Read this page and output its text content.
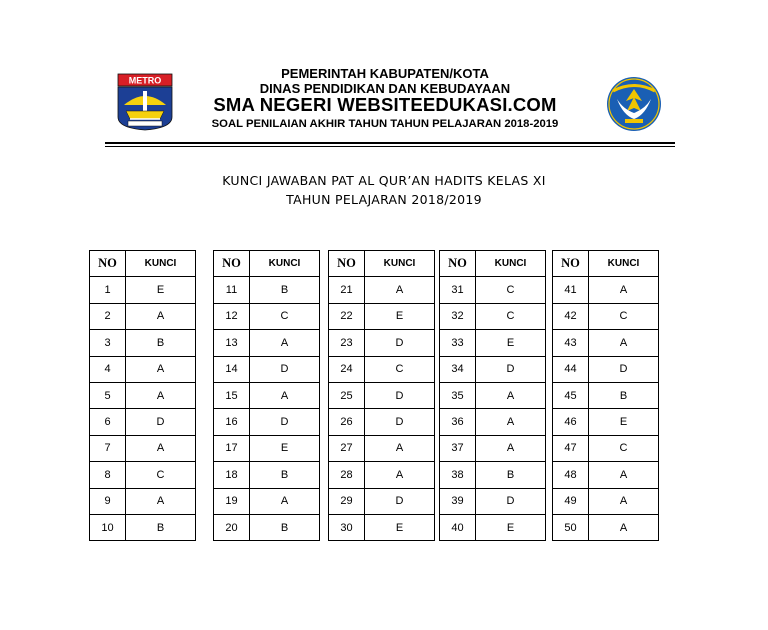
METRO	PEMERINTAH KABUPATEN/KOTA
DINAS PENDIDIKAN DAN KEBUDAYAAN
SMA NEGERI WEBSITEEDUKASI.COM
SOAL PENILAIAN AKHIR TAHUN TAHUN PELAJARAN 2018-2019
KUNCI JAWABAN PAT AL QUR’AN HADITS KELAS XI
TAHUN PELAJARAN 2018/2019
NO	KUNCI
1	E
2	A
3	B
4	A
5	A
6	D
7	A
8	C
9	A
10	B
NO	KUNCI
11	B
12	C
13	A
14	D
15	A
16	D
17	E
18	B
19	A
20	B
NO	KUNCI
21	A
22	E
23	D
24	C
25	D
26	D
27	A
28	A
29	D
30	E
NO	KUNCI
31	C
32	C
33	E
34	D
35	A
36	A
37	A
38	B
39	D
40	E
NO	KUNCI
41	A
42	C
43	A
44	D
45	B
46	E
47	C
48	A
49	A
50	A
